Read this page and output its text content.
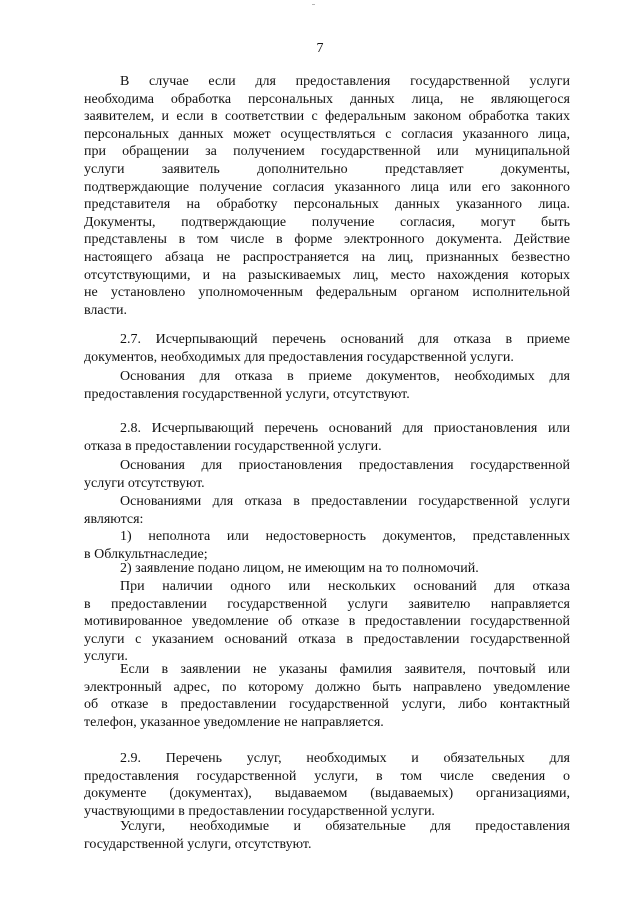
7
В случае если для предоставления государственной услуги
необходима обработка персональных данных лица, не являющегося
заявителем, и если в соответствии с федеральным законом обработка таких
персональных данных может осуществляться с согласия указанного лица,
при обращении за получением государственной или муниципальной
услуги заявитель дополнительно представляет документы,
подтверждающие получение согласия указанного лица или его законного
представителя на обработку персональных данных указанного лица.
Документы, подтверждающие получение согласия, могут быть
представлены в том числе в форме электронного документа. Действие
настоящего абзаца не распространяется на лиц, признанных безвестно
отсутствующими, и на разыскиваемых лиц, место нахождения которых
не установлено уполномоченным федеральным органом исполнительной
власти.
2.7. Исчерпывающий перечень оснований для отказа в приеме
документов, необходимых для предоставления государственной услуги.
Основания для отказа в приеме документов, необходимых для
предоставления государственной услуги, отсутствуют.
2.8. Исчерпывающий перечень оснований для приостановления или
отказа в предоставлении государственной услуги.
Основания для приостановления предоставления государственной
услуги отсутствуют.
Основаниями для отказа в предоставлении государственной услуги
являются:
1) неполнота или недостоверность документов, представленных
в Облкультнаследие;
2) заявление подано лицом, не имеющим на то полномочий.
При наличии одного или нескольких оснований для отказа
в предоставлении государственной услуги заявителю направляется
мотивированное уведомление об отказе в предоставлении государственной
услуги с указанием оснований отказа в предоставлении государственной
услуги.
Если в заявлении не указаны фамилия заявителя, почтовый или
электронный адрес, по которому должно быть направлено уведомление
об отказе в предоставлении государственной услуги, либо контактный
телефон, указанное уведомление не направляется.
2.9. Перечень услуг, необходимых и обязательных для
предоставления государственной услуги, в том числе сведения о
документе (документах), выдаваемом (выдаваемых) организациями,
участвующими в предоставлении государственной услуги.
Услуги, необходимые и обязательные для предоставления
государственной услуги, отсутствуют.
